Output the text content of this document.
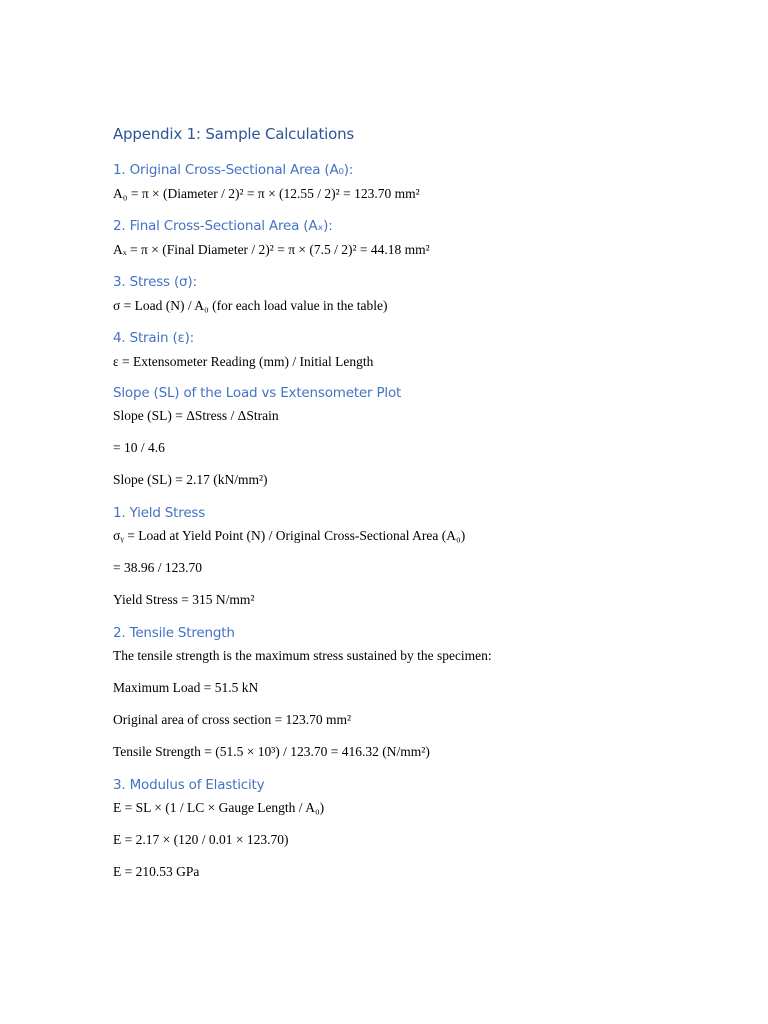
Appendix 1: Sample Calculations
1. Original Cross-Sectional Area (A₀):
A₀ = π × (Diameter / 2)² = π × (12.55 / 2)² = 123.70 mm²
2. Final Cross-Sectional Area (Aₓ):
Aₓ = π × (Final Diameter / 2)² = π × (7.5 / 2)² = 44.18 mm²
3. Stress (σ):
σ = Load (N) / A₀ (for each load value in the table)
4. Strain (ε):
ε = Extensometer Reading (mm) / Initial Length
Slope (SL) of the Load vs Extensometer Plot
Slope (SL) = ΔStress / ΔStrain
= 10 / 4.6
Slope (SL) = 2.17 (kN/mm²)
1. Yield Stress
σᵧ = Load at Yield Point (N) / Original Cross-Sectional Area (A₀)
= 38.96 / 123.70
Yield Stress = 315 N/mm²
2. Tensile Strength
The tensile strength is the maximum stress sustained by the specimen:
Maximum Load = 51.5 kN
Original area of cross section = 123.70 mm²
Tensile Strength = (51.5 × 10³) / 123.70 = 416.32 (N/mm²)
3. Modulus of Elasticity
E = SL × (1 / LC × Gauge Length / A₀)
E = 2.17 × (120 / 0.01 × 123.70)
E = 210.53 GPa
